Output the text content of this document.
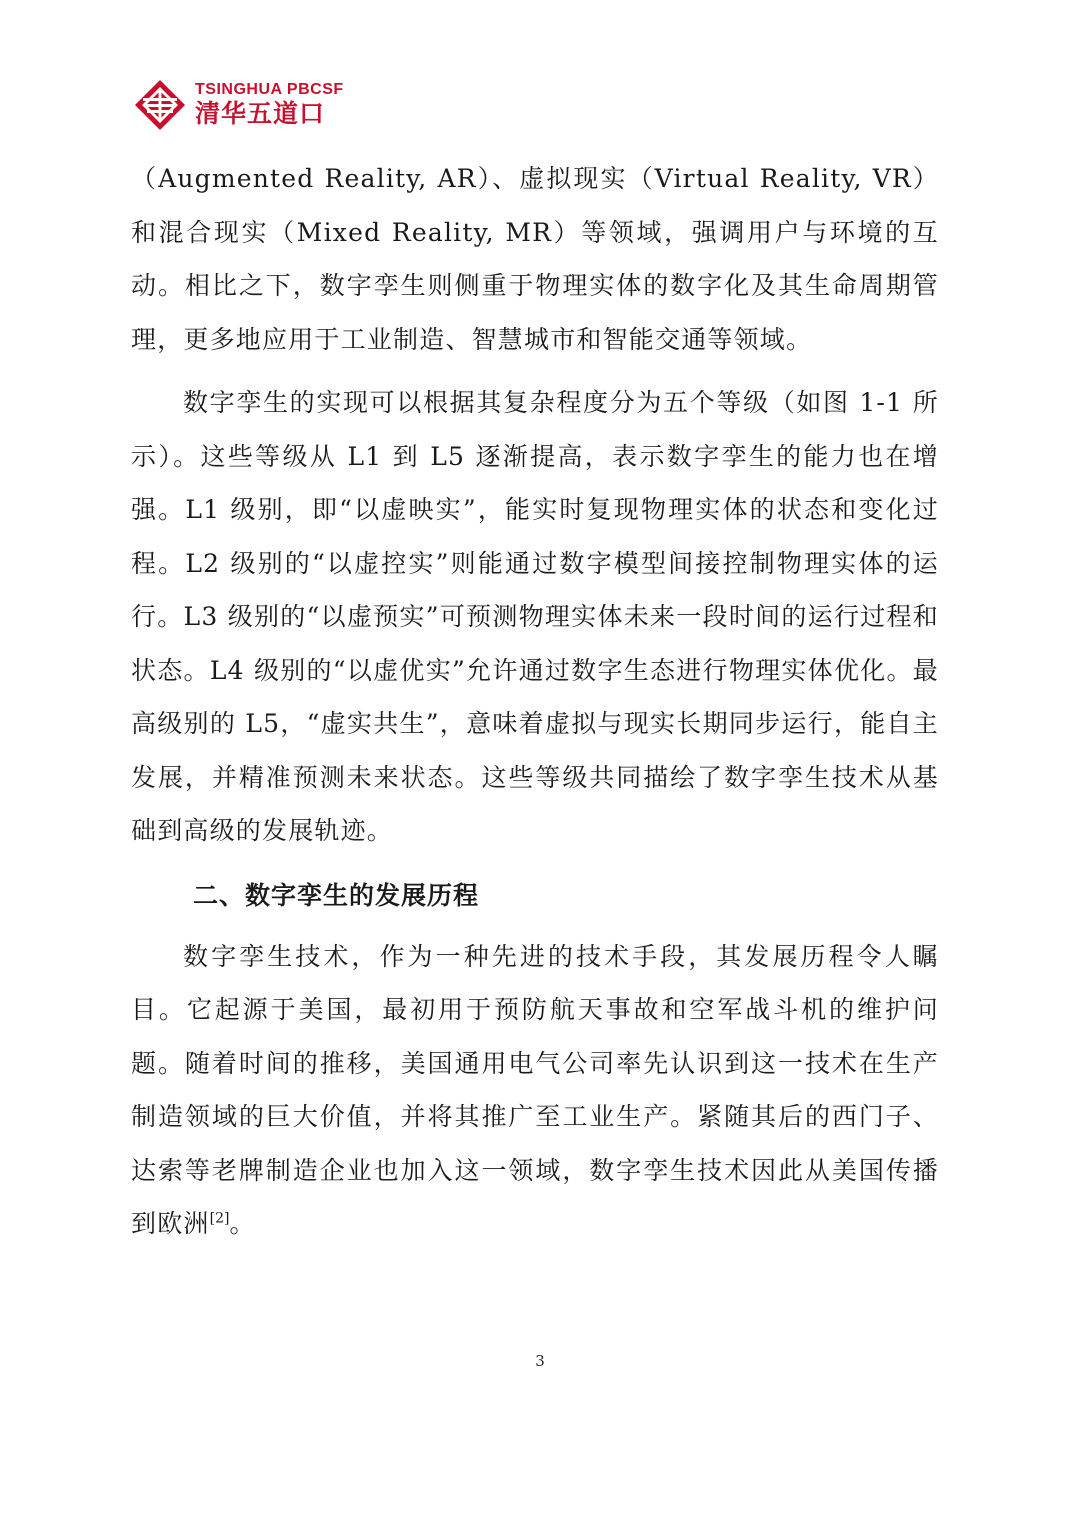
TSINGHUA PBCSF
清华五道口

（Augmented Reality, AR）、虚拟现实（Virtual Reality, VR）和混合现实（Mixed Reality, MR）等领域，强调用户与环境的互动。相比之下，数字孪生则侧重于物理实体的数字化及其生命周期管理，更多地应用于工业制造、智慧城市和智能交通等领域。

数字孪生的实现可以根据其复杂程度分为五个等级（如图 1-1 所示）。这些等级从 L1 到 L5 逐渐提高，表示数字孪生的能力也在增强。L1 级别，即“以虚映实”，能实时复现物理实体的状态和变化过程。L2 级别的“以虚控实”则能通过数字模型间接控制物理实体的运行。L3 级别的“以虚预实”可预测物理实体未来一段时间的运行过程和状态。L4 级别的“以虚优实”允许通过数字生态进行物理实体优化。最高级别的 L5，“虚实共生”，意味着虚拟与现实长期同步运行，能自主发展，并精准预测未来状态。这些等级共同描绘了数字孪生技术从基础到高级的发展轨迹。

二、数字孪生的发展历程

数字孪生技术，作为一种先进的技术手段，其发展历程令人瞩目。它起源于美国，最初用于预防航天事故和空军战斗机的维护问题。随着时间的推移，美国通用电气公司率先认识到这一技术在生产制造领域的巨大价值，并将其推广至工业生产。紧随其后的西门子、达索等老牌制造企业也加入这一领域，数字孪生技术因此从美国传播到欧洲[2]。

3
